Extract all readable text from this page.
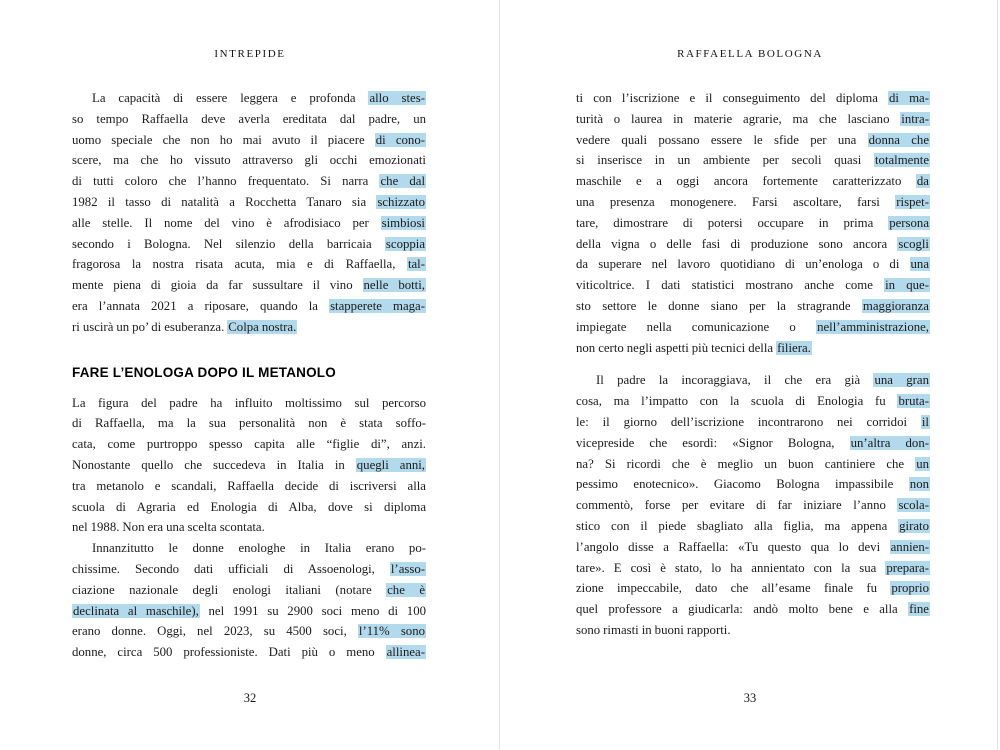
INTREPIDE
La capacità di essere leggera e profonda allo stes-
so tempo Raffaella deve averla ereditata dal padre, un
uomo speciale che non ho mai avuto il piacere di cono-
scere, ma che ho vissuto attraverso gli occhi emozionati
di tutti coloro che l’hanno frequentato. Si narra che dal
1982 il tasso di natalità a Rocchetta Tanaro sia schizzato
alle stelle. Il nome del vino è afrodisiaco per simbiosi
secondo i Bologna. Nel silenzio della barricaia scoppia
fragorosa la nostra risata acuta, mia e di Raffaella, tal-
mente piena di gioia da far sussultare il vino nelle botti,
era l’annata 2021 a riposare, quando la stapperete maga-
ri uscirà un po’ di esuberanza. Colpa nostra.
FARE L’ENOLOGA DOPO IL METANOLO
La figura del padre ha influito moltissimo sul percorso
di Raffaella, ma la sua personalità non è stata soffo-
cata, come purtroppo spesso capita alle “figlie di”, anzi.
Nonostante quello che succedeva in Italia in quegli anni,
tra metanolo e scandali, Raffaella decide di iscriversi alla
scuola di Agraria ed Enologia di Alba, dove si diploma
nel 1988. Non era una scelta scontata.
Innanzitutto le donne enologhe in Italia erano po-
chissime. Secondo dati ufficiali di Assoenologi, l’asso-
ciazione nazionale degli enologi italiani (notare che è
declinata al maschile), nel 1991 su 2900 soci meno di 100
erano donne. Oggi, nel 2023, su 4500 soci, l’11% sono
donne, circa 500 professioniste. Dati più o meno allinea-
32
RAFFAELLA BOLOGNA
ti con l’iscrizione e il conseguimento del diploma di ma-
turità o laurea in materie agrarie, ma che lasciano intra-
vedere quali possano essere le sfide per una donna che
si inserisce in un ambiente per secoli quasi totalmente
maschile e a oggi ancora fortemente caratterizzato da
una presenza monogenere. Farsi ascoltare, farsi rispet-
tare, dimostrare di potersi occupare in prima persona
della vigna o delle fasi di produzione sono ancora scogli
da superare nel lavoro quotidiano di un’enologa o di una
viticoltrice. I dati statistici mostrano anche come in que-
sto settore le donne siano per la stragrande maggioranza
impiegate nella comunicazione o nell’amministrazione,
non certo negli aspetti più tecnici della filiera.
Il padre la incoraggiava, il che era già una gran
cosa, ma l’impatto con la scuola di Enologia fu bruta-
le: il giorno dell’iscrizione incontrarono nei corridoi il
vicepreside che esordì: «Signor Bologna, un’altra don-
na? Si ricordi che è meglio un buon cantiniere che un
pessimo enotecnico». Giacomo Bologna impassibile non
commentò, forse per evitare di far iniziare l’anno scola-
stico con il piede sbagliato alla figlia, ma appena girato
l’angolo disse a Raffaella: «Tu questo qua lo devi annien-
tare». E così è stato, lo ha annientato con la sua prepara-
zione impeccabile, dato che all’esame finale fu proprio
quel professore a giudicarla: andò molto bene e alla fine
sono rimasti in buoni rapporti.
33
